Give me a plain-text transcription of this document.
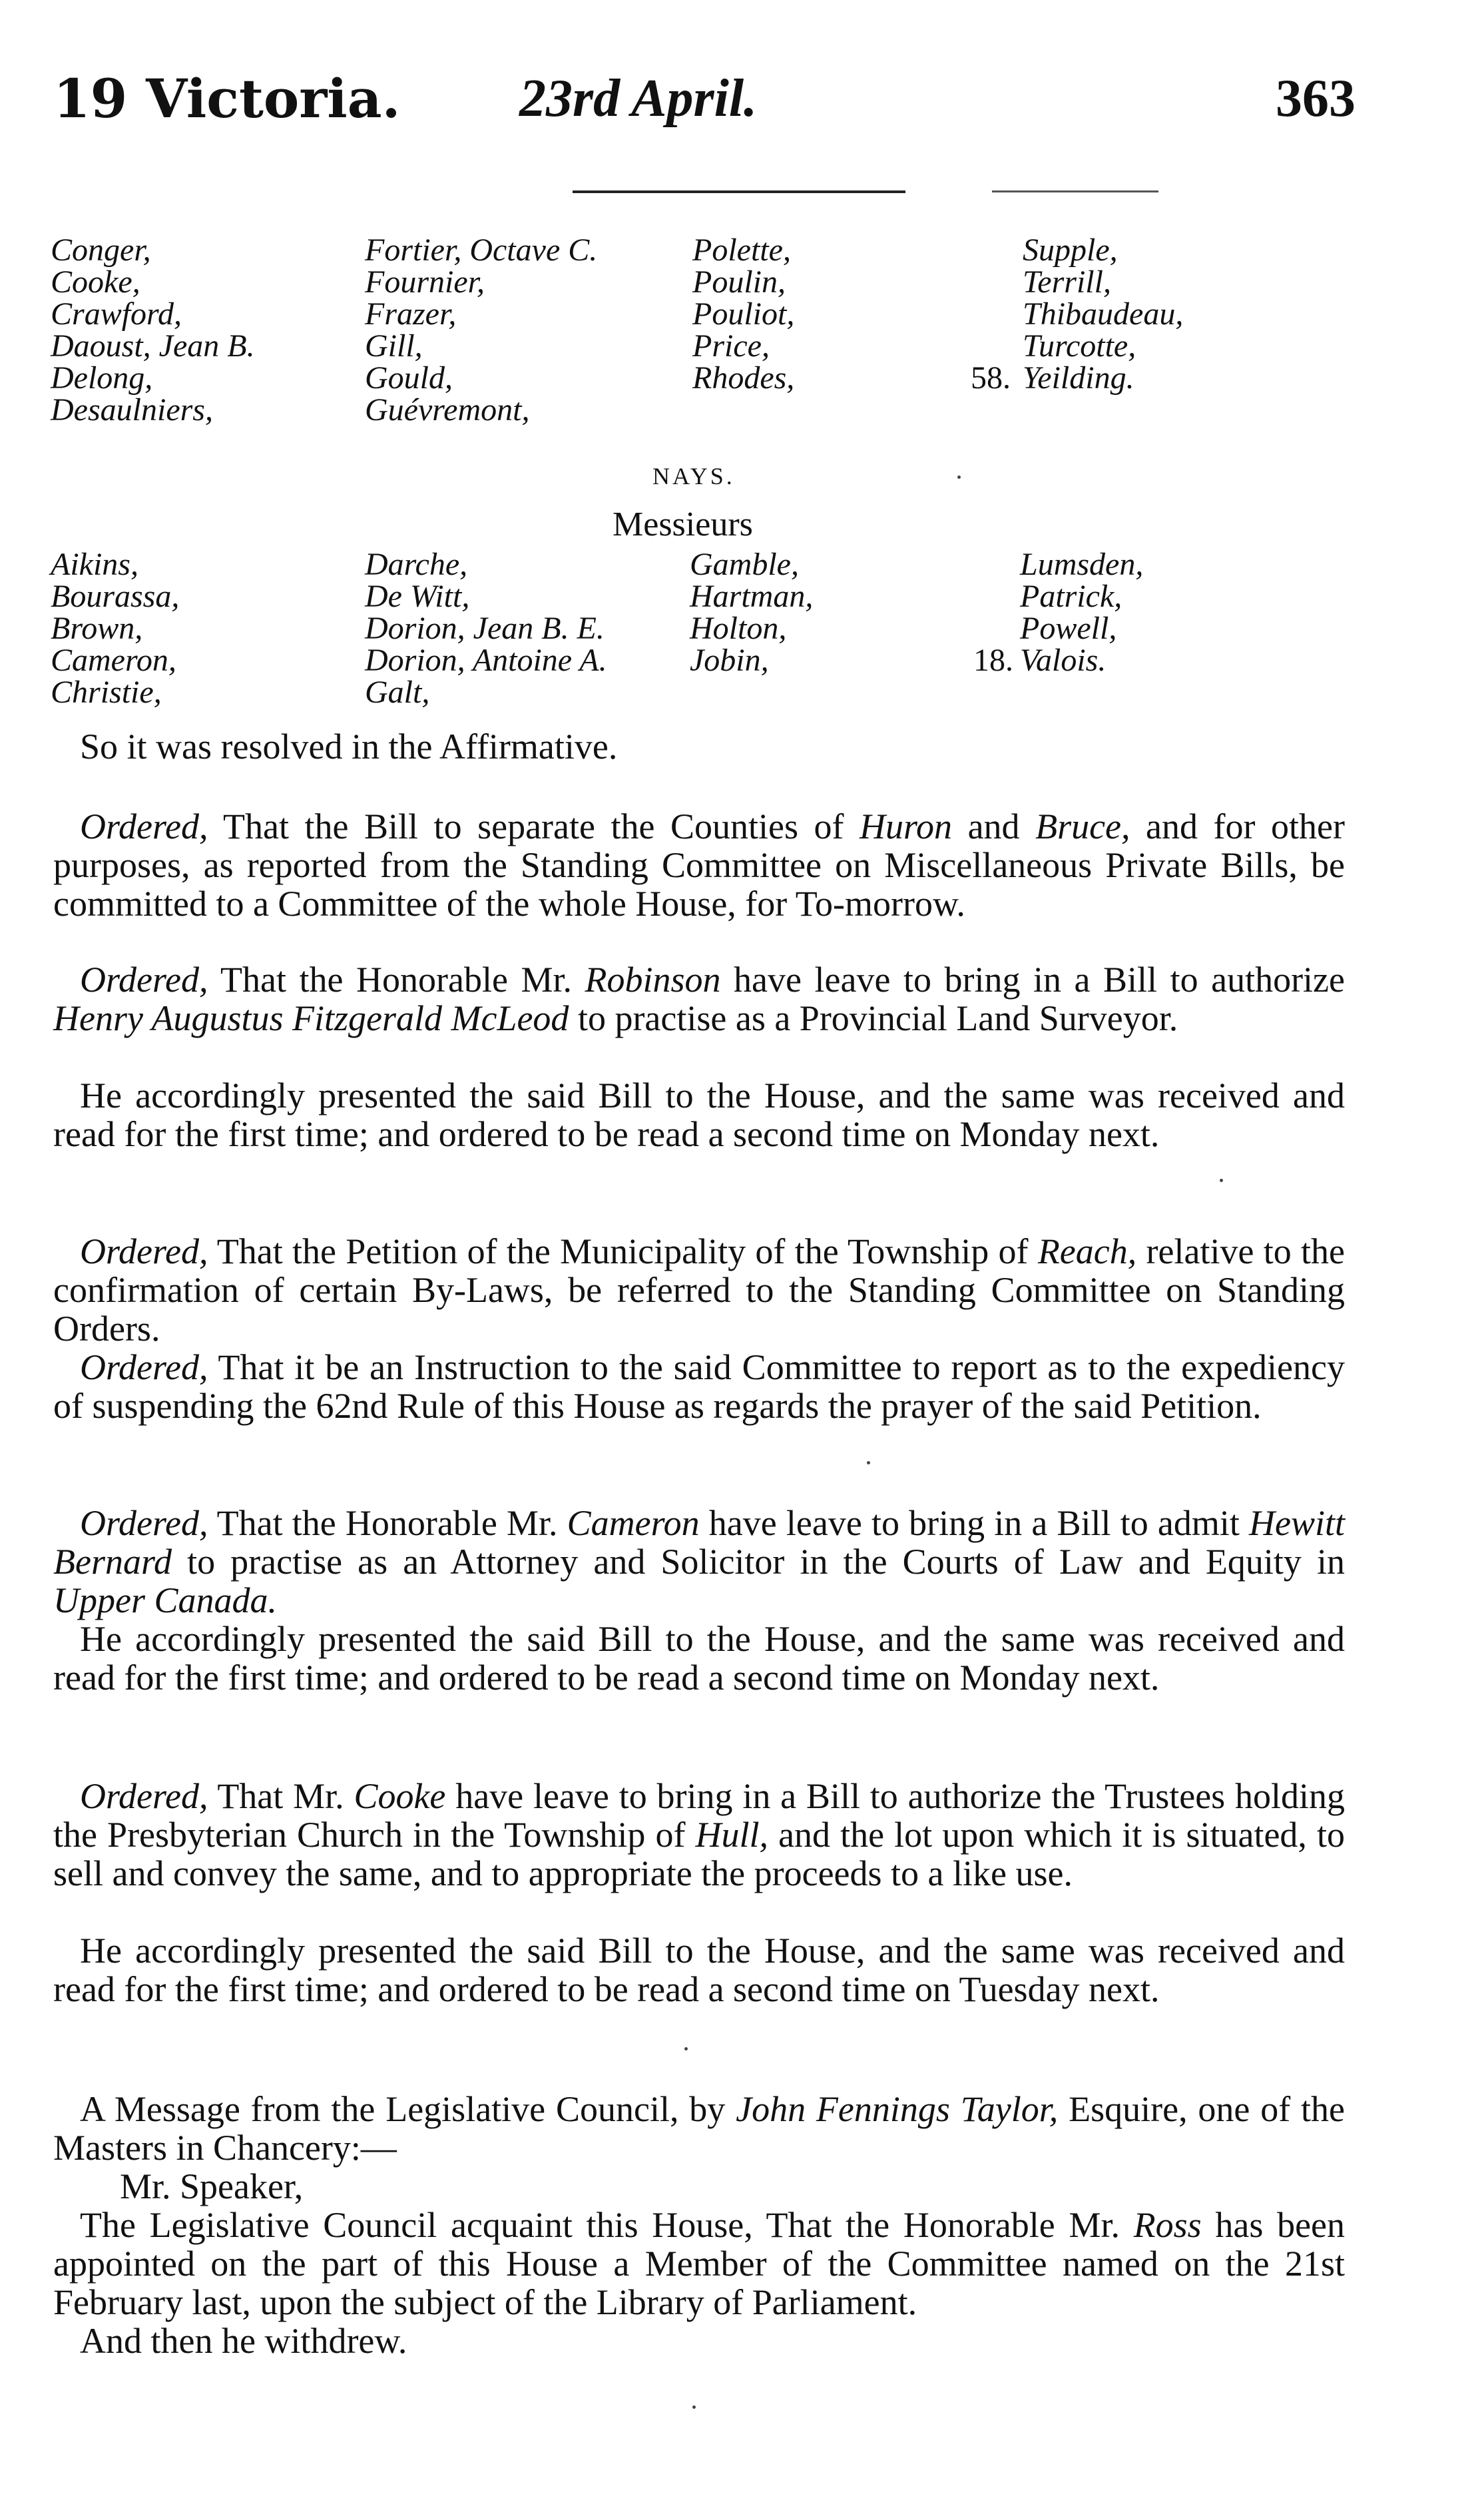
19 Victoria. 23rd April.	363
Conger,
Cooke,
Crawford,
Daoust, Jean B.
Delong,
Desaulniers,
Fortier, Octave C.
Fournier,
Frazer,
Gill,
Gould,
Guévremont,
Polette,
Poulin,
Pouliot,
Price,
Rhodes,
Supple,
Terrill,
Thibaudeau,
Turcotte,
Yeilding.
58.
NAYS.
Messieurs
Aikins,
Bourassa,
Brown,
Cameron,
Christie,
Darche,
De Witt,
Dorion, Jean B. E.
Dorion, Antoine A.
Galt,
Gamble,
Hartman,
Holton,
Jobin,
Lumsden,
Patrick,
Powell,
Valois.
18.
So it was resolved in the Affirmative.
Ordered, That the Bill to separate the Counties of Huron and Bruce, and for other purposes, as reported from the Standing Committee on Miscellaneous Private Bills, be committed to a Committee of the whole House, for To-morrow.
Ordered, That the Honorable Mr. Robinson have leave to bring in a Bill to authorize Henry Augustus Fitzgerald McLeod to practise as a Provincial Land Surveyor.
He accordingly presented the said Bill to the House, and the same was received and read for the first time; and ordered to be read a second time on Monday next.
Ordered, That the Petition of the Municipality of the Township of Reach, relative to the confirmation of certain By-Laws, be referred to the Standing Committee on Standing Orders.
Ordered, That it be an Instruction to the said Committee to report as to the expediency of suspending the 62nd Rule of this House as regards the prayer of the said Petition.
Ordered, That the Honorable Mr. Cameron have leave to bring in a Bill to admit Hewitt Bernard to practise as an Attorney and Solicitor in the Courts of Law and Equity in Upper Canada.
He accordingly presented the said Bill to the House, and the same was received and read for the first time; and ordered to be read a second time on Monday next.
Ordered, That Mr. Cooke have leave to bring in a Bill to authorize the Trustees holding the Presbyterian Church in the Township of Hull, and the lot upon which it is situated, to sell and convey the same, and to appropriate the proceeds to a like use.
He accordingly presented the said Bill to the House, and the same was received and read for the first time; and ordered to be read a second time on Tuesday next.
A Message from the Legislative Council, by John Fennings Taylor, Esquire, one of the Masters in Chancery:—
Mr. Speaker,
The Legislative Council acquaint this House, That the Honorable Mr. Ross has been appointed on the part of this House a Member of the Committee named on the 21st February last, upon the subject of the Library of Parliament.
And then he withdrew.
